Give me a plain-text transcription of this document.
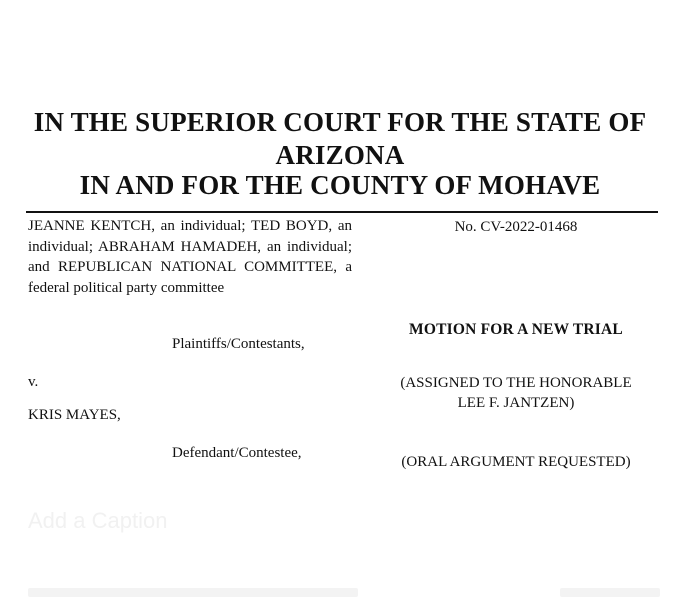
IN THE SUPERIOR COURT FOR THE STATE OF
ARIZONA
IN AND FOR THE COUNTY OF MOHAVE
JEANNE KENTCH, an individual; TED BOYD, an individual; ABRAHAM HAMADEH, an individual; and REPUBLICAN NATIONAL COMMITTEE, a federal political party committee
Plaintiffs/Contestants,
v.
KRIS MAYES,
Defendant/Contestee,
No. CV-2022-01468
MOTION FOR A NEW TRIAL
(ASSIGNED TO THE HONORABLE
LEE F. JANTZEN)
(ORAL ARGUMENT REQUESTED)
Add a Caption
